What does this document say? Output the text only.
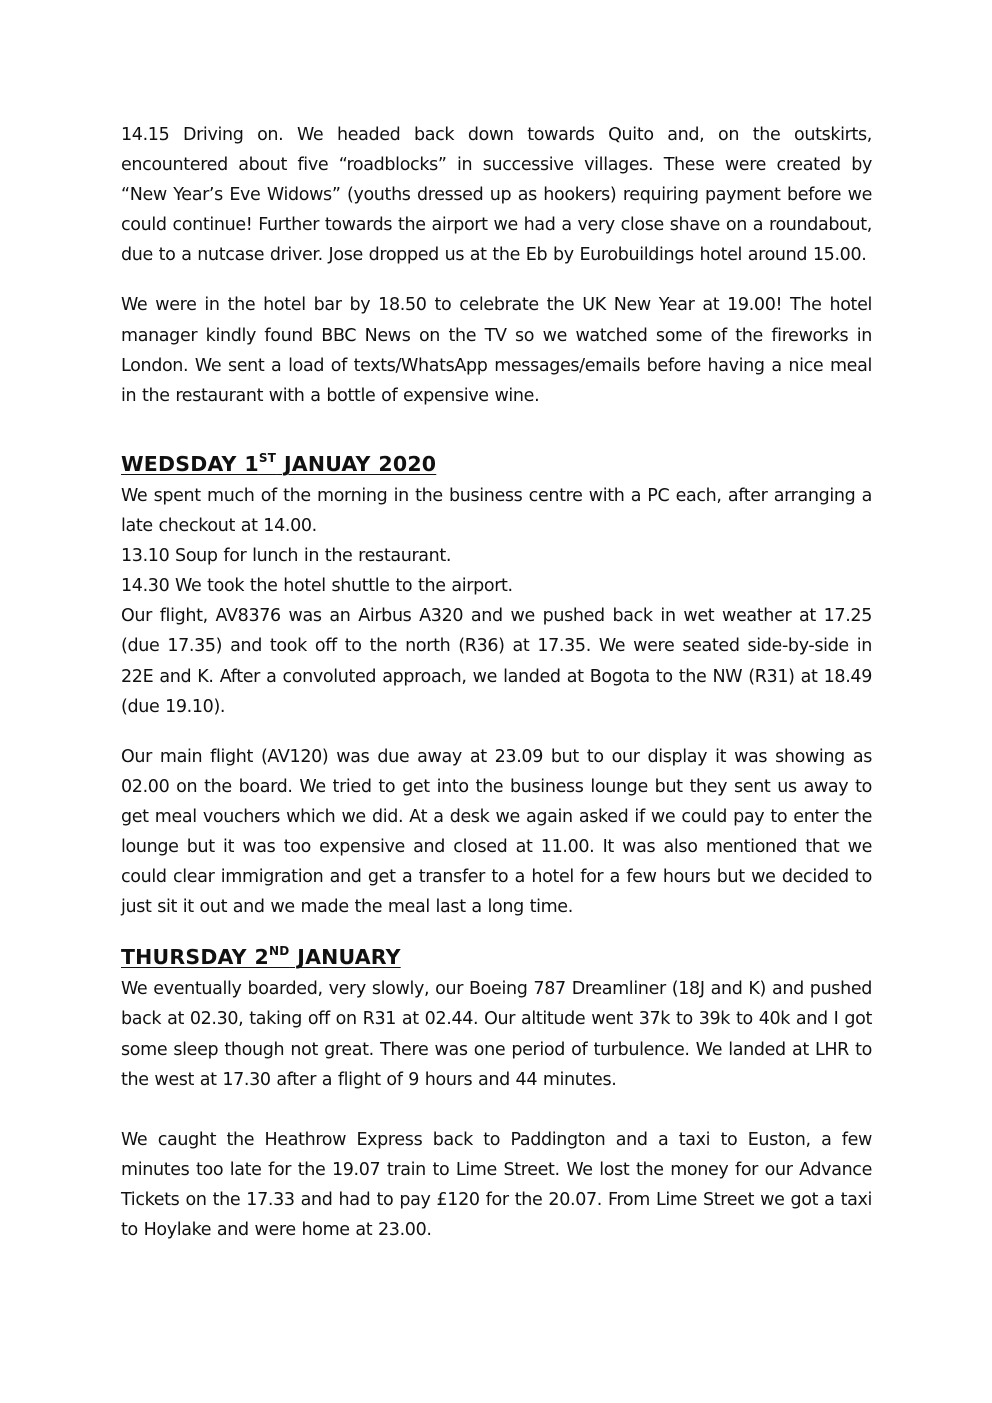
14.15 Driving on. We headed back down towards Quito and, on the outskirts, encountered about five “roadblocks” in successive villages. These were created by “New Year’s Eve Widows” (youths dressed up as hookers) requiring payment before we could continue! Further towards the airport we had a very close shave on a roundabout, due to a nutcase driver. Jose dropped us at the Eb by Eurobuildings hotel around 15.00.

We were in the hotel bar by 18.50 to celebrate the UK New Year at 19.00! The hotel manager kindly found BBC News on the TV so we watched some of the fireworks in London. We sent a load of texts/WhatsApp messages/emails before having a nice meal in the restaurant with a bottle of expensive wine.

WEDSDAY 1ST JANUAY 2020

We spent much of the morning in the business centre with a PC each, after arranging a late checkout at 14.00.

13.10 Soup for lunch in the restaurant.

14.30 We took the hotel shuttle to the airport.

Our flight, AV8376 was an Airbus A320 and we pushed back in wet weather at 17.25 (due 17.35) and took off to the north (R36) at 17.35. We were seated side-by-side in 22E and K. After a convoluted approach, we landed at Bogota to the NW (R31) at 18.49 (due 19.10).

Our main flight (AV120) was due away at 23.09 but to our display it was showing as 02.00 on the board. We tried to get into the business lounge but they sent us away to get meal vouchers which we did. At a desk we again asked if we could pay to enter the lounge but it was too expensive and closed at 11.00. It was also mentioned that we could clear immigration and get a transfer to a hotel for a few hours but we decided to just sit it out and we made the meal last a long time.

THURSDAY 2ND JANUARY

We eventually boarded, very slowly, our Boeing 787 Dreamliner (18J and K) and pushed back at 02.30, taking off on R31 at 02.44. Our altitude went 37k to 39k to 40k and I got some sleep though not great. There was one period of turbulence. We landed at LHR to the west at 17.30 after a flight of 9 hours and 44 minutes.

We caught the Heathrow Express back to Paddington and a taxi to Euston, a few minutes too late for the 19.07 train to Lime Street. We lost the money for our Advance Tickets on the 17.33 and had to pay £120 for the 20.07. From Lime Street we got a taxi to Hoylake and were home at 23.00.
